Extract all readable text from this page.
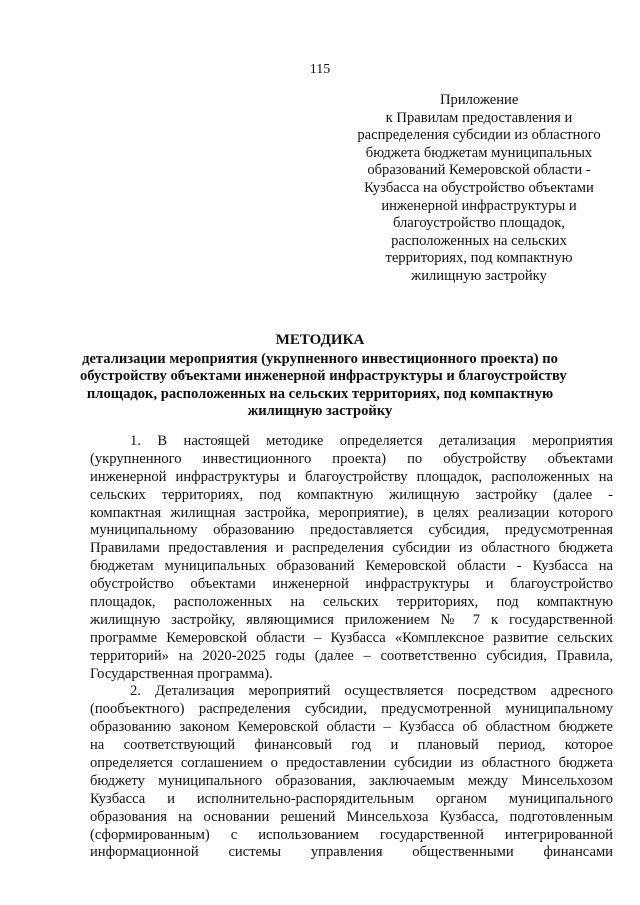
115
Приложение
к Правилам предоставления и
распределения субсидии из областного
бюджета бюджетам муниципальных
образований Кемеровской области -
Кузбасса на обустройство объектами
инженерной инфраструктуры и
благоустройство площадок,
расположенных на сельских
территориях, под компактную
жилищную застройку
МЕТОДИКА
детализации мероприятия (укрупненного инвестиционного проекта) по
обустройству объектами инженерной инфраструктуры и благоустройству
площадок, расположенных на сельских территориях, под компактную
жилищную застройку
1. В настоящей методике определяется детализация мероприятия
(укрупненного инвестиционного проекта) по обустройству объектами
инженерной инфраструктуры и благоустройству площадок, расположенных на
сельских территориях, под компактную жилищную застройку (далее -
компактная жилищная застройка, мероприятие), в целях реализации которого
муниципальному образованию предоставляется субсидия, предусмотренная
Правилами предоставления и распределения субсидии из областного бюджета
бюджетам муниципальных образований Кемеровской области - Кузбасса на
обустройство объектами инженерной инфраструктуры и благоустройство
площадок, расположенных на сельских территориях, под компактную
жилищную застройку, являющимися приложением № 7 к государственной
программе Кемеровской области – Кузбасса «Комплексное развитие сельских
территорий» на 2020-2025 годы (далее – соответственно субсидия, Правила,
Государственная программа).
2. Детализация мероприятий осуществляется посредством адресного
(пообъектного) распределения субсидии, предусмотренной муниципальному
образованию законом Кемеровской области – Кузбасса об областном бюджете
на соответствующий финансовый год и плановый период, которое
определяется соглашением о предоставлении субсидии из областного бюджета
бюджету муниципального образования, заключаемым между Минсельхозом
Кузбасса и исполнительно-распорядительным органом муниципального
образования на основании решений Минсельхоза Кузбасса, подготовленным
(сформированным) с использованием государственной интегрированной
информационной системы управления общественными финансами
